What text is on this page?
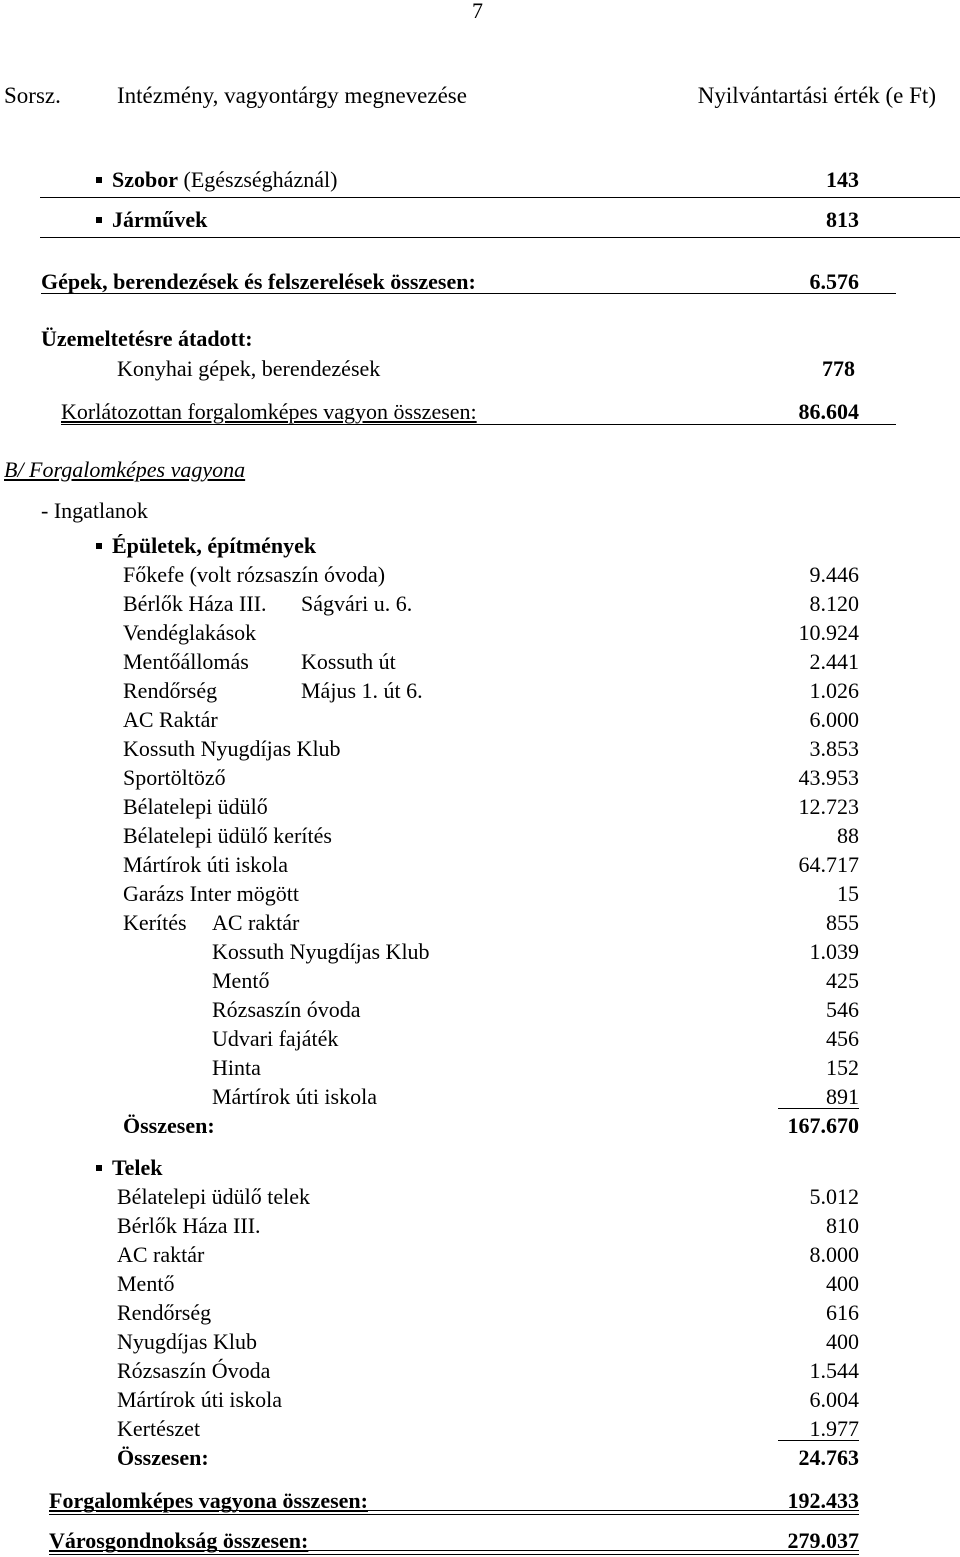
7
Sorsz. Intézmény, vagyontárgy megnevezése	Nyilvántartási érték (e Ft)
Szobor (Egészségháznál)	143
Járművek	813
Gépek, berendezések és felszerelések összesen:	6.576
Üzemeltetésre átadott:
Konyhai gépek, berendezések	778
Korlátozottan forgalomképes vagyon összesen:	86.604
B/ Forgalomképes vagyona
- Ingatlanok
Épületek, építmények
Főkefe (volt rózsaszín óvoda)	9.446
Bérlők Háza III. Ságvári u. 6.	8.120
Vendéglakások	10.924
Mentőállomás Kossuth út	2.441
Rendőrség	Május 1. út 6.	1.026
AC Raktár	6.000
Kossuth Nyugdíjas Klub	3.853
Sportöltöző	43.953
Bélatelepi üdülő	12.723
Bélatelepi üdülő kerítés	88
Mártírok úti iskola	64.717
Garázs Inter mögött	15
Kerítés AC raktár	855
Kossuth Nyugdíjas Klub	1.039
Mentő	425
Rózsaszín óvoda	546
Udvari fajáték	456
Hinta	152
Mártírok úti iskola	891
Összesen:	167.670
Telek
Bélatelepi üdülő telek	5.012
Bérlők Háza III.	810
AC raktár	8.000
Mentő	400
Rendőrség	616
Nyugdíjas Klub	400
Rózsaszín Óvoda	1.544
Mártírok úti iskola	6.004
Kertészet	1.977
Összesen:	24.763
Forgalomképes vagyona összesen:	192.433
Városgondnokság összesen:	279.037
